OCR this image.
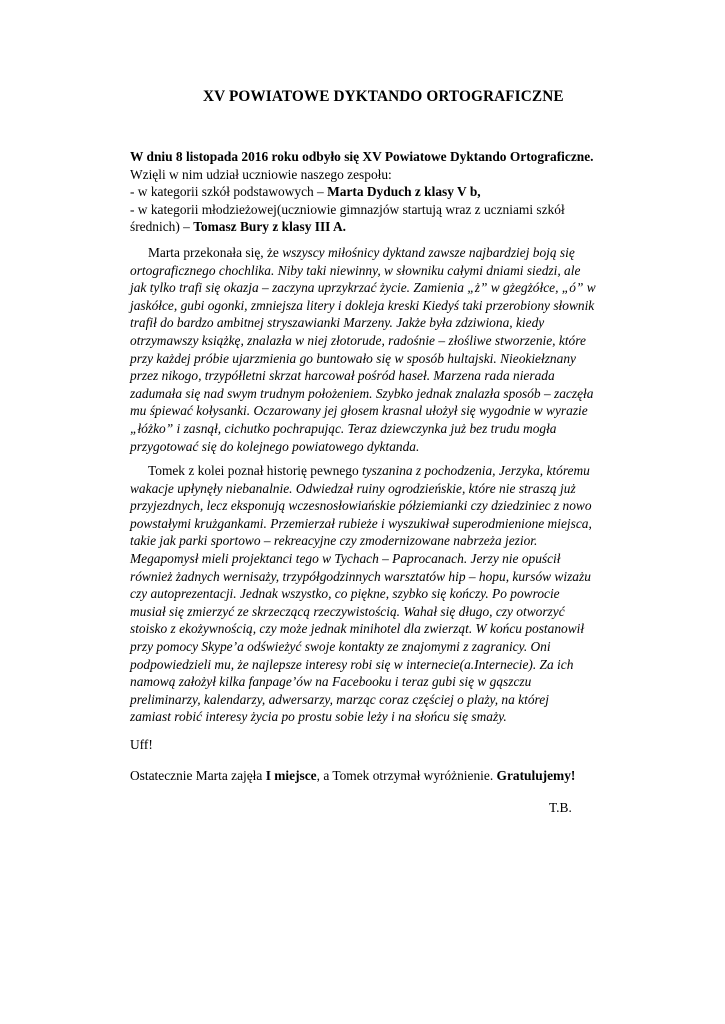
XV POWIATOWE DYKTANDO ORTOGRAFICZNE
W dniu 8 listopada 2016 roku odbyło się XV Powiatowe Dyktando Ortograficzne.
Wzięli w nim udział uczniowie naszego zespołu:
- w kategorii szkół podstawowych – Marta Dyduch z klasy V b,
- w kategorii młodzieżowej(uczniowie gimnazjów startują wraz z uczniami szkół
średnich) – Tomasz Bury z klasy III A.
Marta przekonała się, że wszyscy miłośnicy dyktand zawsze najbardziej boją się
ortograficznego chochlika. Niby taki niewinny, w słowniku całymi dniami siedzi, ale
jak tylko trafi się okazja – zaczyna uprzykrzać życie. Zamienia „ż” w gżegżółce, „ó” w
jaskółce, gubi ogonki, zmniejsza litery i dokleja kreski Kiedyś taki przerobiony słownik
trafił do bardzo ambitnej stryszawianki Marzeny. Jakże była zdziwiona, kiedy
otrzymawszy książkę, znalazła w niej złotorude, radośnie – złośliwe stworzenie, które
przy każdej próbie ujarzmienia go buntowało się w sposób hultajski. Nieokiełznany
przez nikogo, trzypółletni skrzat harcował pośród haseł. Marzena rada nierada
zadumała się nad swym trudnym położeniem. Szybko jednak znalazła sposób – zaczęła
mu śpiewać kołysanki. Oczarowany jej głosem krasnal ułożył się wygodnie w wyrazie
„łóżko” i zasnął, cichutko pochrapując. Teraz dziewczynka już bez trudu mogła
przygotować się do kolejnego powiatowego dyktanda.
Tomek z kolei poznał historię pewnego tyszanina z pochodzenia, Jerzyka, któremu
wakacje upłynęły niebanalnie. Odwiedzał ruiny ogrodzieńskie, które nie straszą już
przyjezdnych, lecz eksponują wczesnosłowiańskie półziemianki czy dziedziniec z nowo
powstałymi krużgankami. Przemierzał rubieże i wyszukiwał superodmienione miejsca,
takie jak parki sportowo – rekreacyjne czy zmodernizowane nabrzeża jezior.
Megapomysł mieli projektanci tego w Tychach – Paprocanach. Jerzy nie opuścił
również żadnych wernisaży, trzypółgodzinnych warsztatów hip – hopu, kursów wizażu
czy autoprezentacji. Jednak wszystko, co piękne, szybko się kończy. Po powrocie
musiał się zmierzyć ze skrzeczącą rzeczywistością. Wahał się długo, czy otworzyć
stoisko z ekożywnością, czy może jednak minihotel dla zwierząt. W końcu postanowił
przy pomocy Skype’a odświeżyć swoje kontakty ze znajomymi z zagranicy. Oni
podpowiedzieli mu, że najlepsze interesy robi się w internecie(a.Internecie). Za ich
namową założył kilka fanpage’ów na Facebooku i teraz gubi się w gąszczu
preliminarzy, kalendarzy, adwersarzy, marząc coraz częściej o plaży, na której
zamiast robić interesy życia po prostu sobie leży i na słońcu się smaży.
Uff!
Ostatecznie Marta zajęła I miejsce, a Tomek otrzymał wyróżnienie. Gratulujemy!
T.B.
